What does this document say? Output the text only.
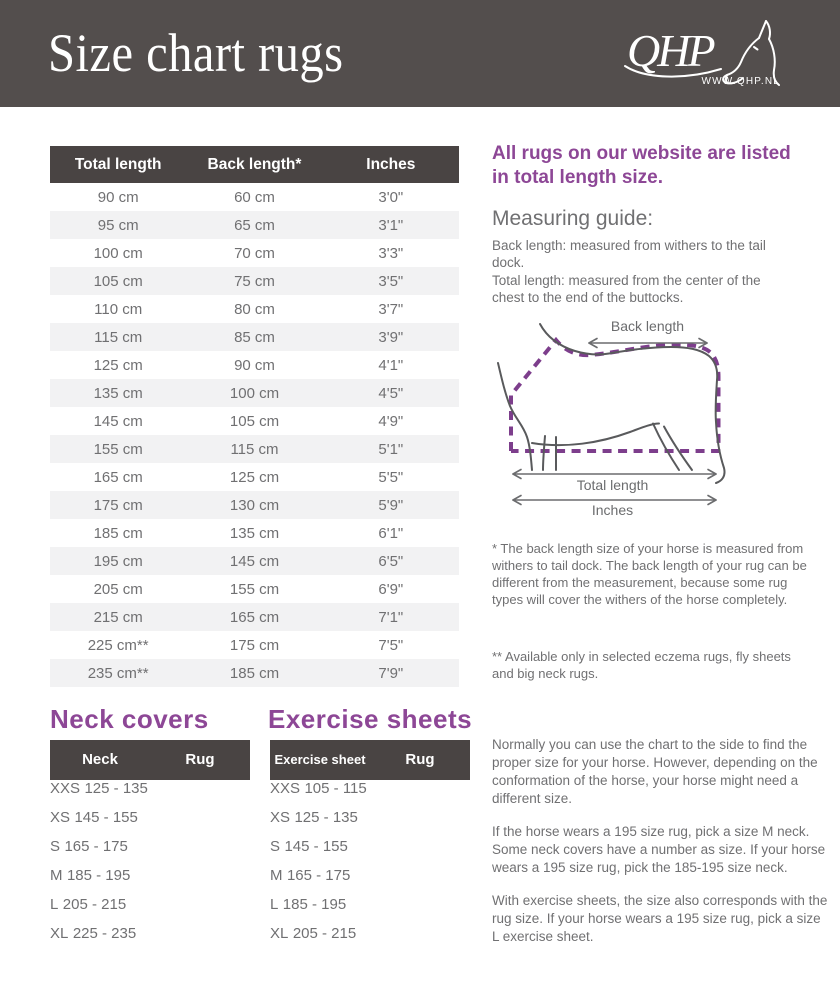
Size chart rugs	QHP
WWW.QHP.NL
Total length	Back length*	Inches
90 cm	60 cm	3'0"
95 cm	65 cm	3'1"
100 cm	70 cm	3'3"
105 cm	75 cm	3'5"
110 cm	80 cm	3'7"
115 cm	85 cm	3'9"
125 cm	90 cm	4'1"
135 cm	100 cm	4'5"
145 cm	105 cm	4'9"
155 cm	115 cm	5'1"
165 cm	125 cm	5'5"
175 cm	130 cm	5'9"
185 cm	135 cm	6'1"
195 cm	145 cm	6'5"
205 cm	155 cm	6'9"
215 cm	165 cm	7'1"
225 cm**	175 cm	7'5"
235 cm**	185 cm	7'9"
All rugs on our website are listed in total length size.
Measuring guide:
Back length: measured from withers to the tail dock.
Total length: measured from the center of the chest to the end of the buttocks.
Back length
Total length
Inches
* The back length size of your horse is measured from withers to tail dock. The back length of your rug can be different from the measurement, because some rug types will cover the withers of the horse completely.
** Available only in selected eczema rugs, fly sheets and big neck rugs.
Neck covers
Neck	Rug
XXS 125 - 135
XS 145 - 155
S 165 - 175
M 185 - 195
L 205 - 215
XL 225 - 235
Exercise sheets
Exercise sheet	Rug
XXS 105 - 115
XS 125 - 135
S 145 - 155
M 165 - 175
L 185 - 195
XL 205 - 215

Normally you can use the chart to the side to find the proper size for your horse. However, depending on the conformation of the horse, your horse might need a different size.

If the horse wears a 195 size rug, pick a size M neck. Some neck covers have a number as size. If your horse wears a 195 size rug, pick the 185-195 size neck.

With exercise sheets, the size also corresponds with the rug size. If your horse wears a 195 size rug, pick a size L exercise sheet.
